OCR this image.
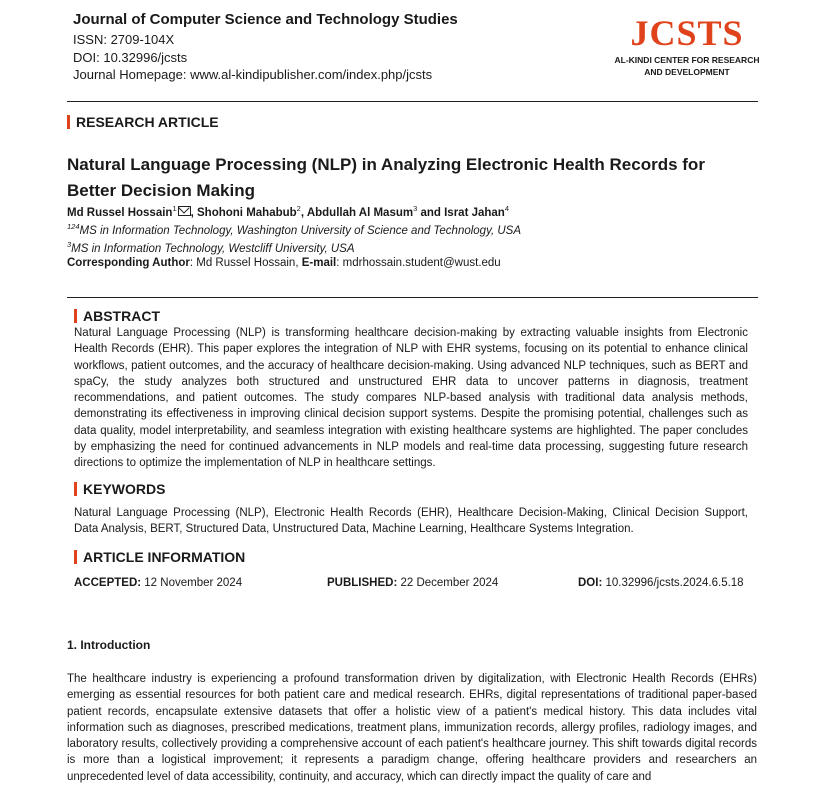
Journal of Computer Science and Technology Studies
ISSN: 2709-104X
DOI: 10.32996/jcsts
Journal Homepage: www.al-kindipublisher.com/index.php/jcsts
JCSTS
AL-KINDI CENTER FOR RESEARCH
AND DEVELOPMENT
RESEARCH ARTICLE
Natural Language Processing (NLP) in Analyzing Electronic Health Records for Better Decision Making
Md Russel Hossain$^1$ , Shohoni Mahabub$^2$, Abdullah Al Masum$^3$ and Israt Jahan$^4$
$^{124}$MS in Information Technology, Washington University of Science and Technology, USA
$^3$MS in Information Technology, Westcliff University, USA
Corresponding Author: Md Russel Hossain, E-mail: mdrhossain.student@wust.edu
ABSTRACT
Natural Language Processing (NLP) is transforming healthcare decision-making by extracting valuable insights from Electronic Health Records (EHR). This paper explores the integration of NLP with EHR systems, focusing on its potential to enhance clinical workflows, patient outcomes, and the accuracy of healthcare decision-making. Using advanced NLP techniques, such as BERT and spaCy, the study analyzes both structured and unstructured EHR data to uncover patterns in diagnosis, treatment recommendations, and patient outcomes. The study compares NLP-based analysis with traditional data analysis methods, demonstrating its effectiveness in improving clinical decision support systems. Despite the promising potential, challenges such as data quality, model interpretability, and seamless integration with existing healthcare systems are highlighted. The paper concludes by emphasizing the need for continued advancements in NLP models and real-time data processing, suggesting future research directions to optimize the implementation of NLP in healthcare settings.
KEYWORDS
Natural Language Processing (NLP), Electronic Health Records (EHR), Healthcare Decision-Making, Clinical Decision Support, Data Analysis, BERT, Structured Data, Unstructured Data, Machine Learning, Healthcare Systems Integration.
ARTICLE INFORMATION
ACCEPTED: 12 November 2024	PUBLISHED: 22 December 2024	DOI: 10.32996/jcsts.2024.6.5.18
1. Introduction
The healthcare industry is experiencing a profound transformation driven by digitalization, with Electronic Health Records (EHRs) emerging as essential resources for both patient care and medical research. EHRs, digital representations of traditional paper-based patient records, encapsulate extensive datasets that offer a holistic view of a patient's medical history. This data includes vital information such as diagnoses, prescribed medications, treatment plans, immunization records, allergy profiles, radiology images, and laboratory results, collectively providing a comprehensive account of each patient's healthcare journey. This shift towards digital records is more than a logistical improvement; it represents a paradigm change, offering healthcare providers and researchers an unprecedented level of data accessibility, continuity, and accuracy, which can directly impact the quality of care and
